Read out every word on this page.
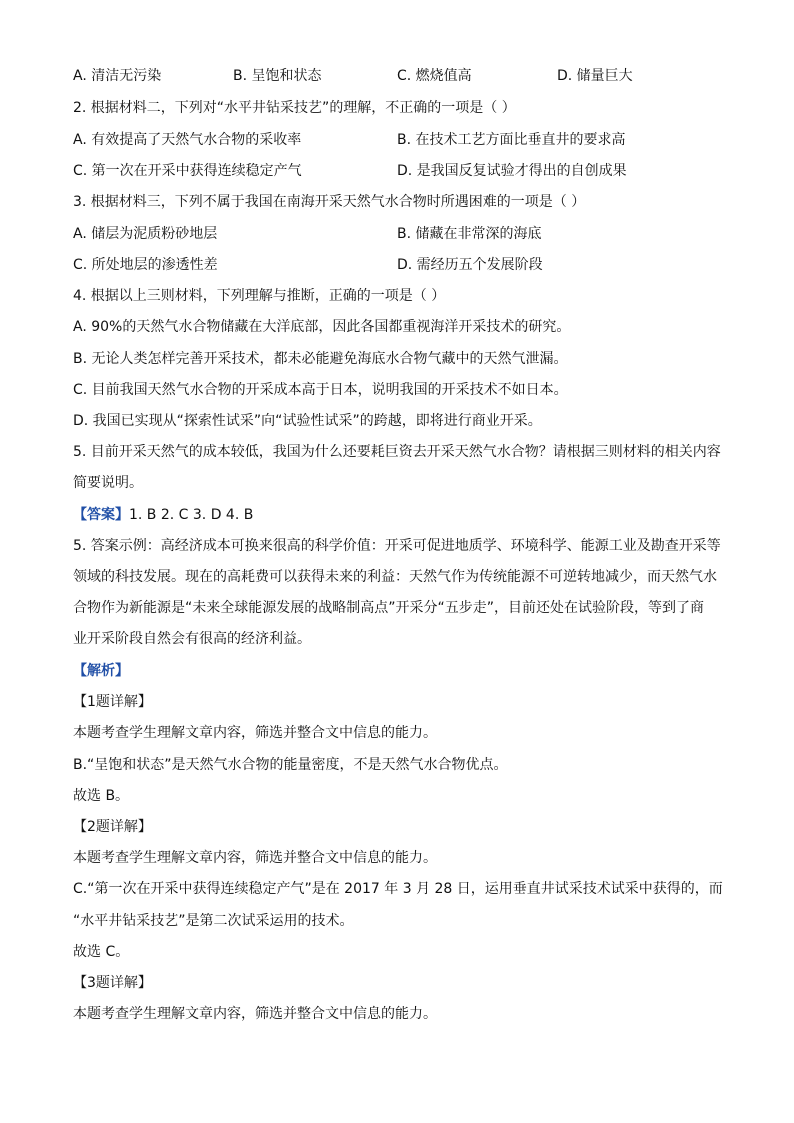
A. 清洁无污染	B. 呈饱和状态	C. 燃烧值高	D. 储量巨大
2. 根据材料二，下列对“水平井钻采技艺”的理解，不正确的一项是（ ）
A. 有效提高了天然气水合物的采收率	B. 在技术工艺方面比垂直井的要求高
C. 第一次在开采中获得连续稳定产气	D. 是我国反复试验才得出的自创成果
3. 根据材料三，下列不属于我国在南海开采天然气水合物时所遇困难的一项是（ ）
A. 储层为泥质粉砂地层	B. 储藏在非常深的海底
C. 所处地层的渗透性差	D. 需经历五个发展阶段
4. 根据以上三则材料，下列理解与推断，正确的一项是（ ）
A. 90%的天然气水合物储藏在大洋底部，因此各国都重视海洋开采技术的研究。
B. 无论人类怎样完善开采技术，都未必能避免海底水合物气藏中的天然气泄漏。
C. 目前我国天然气水合物的开采成本高于日本，说明我国的开采技术不如日本。
D. 我国已实现从“探索性试采”向“试验性试采”的跨越，即将进行商业开采。
5. 目前开采天然气的成本较低，我国为什么还要耗巨资去开采天然气水合物？请根据三则材料的相关内容
简要说明。
【答案】1. B 2. C 3. D 4. B
5. 答案示例：高经济成本可换来很高的科学价值：开采可促进地质学、环境科学、能源工业及勘查开采等
领域的科技发展。现在的高耗费可以获得未来的利益：天然气作为传统能源不可逆转地减少，而天然气水
合物作为新能源是“未来全球能源发展的战略制高点”开采分“五步走”，目前还处在试验阶段，等到了商
业开采阶段自然会有很高的经济利益。
【解析】
【1题详解】
本题考查学生理解文章内容，筛选并整合文中信息的能力。
B.“呈饱和状态”是天然气水合物的能量密度，不是天然气水合物优点。
故选 B。
【2题详解】
本题考查学生理解文章内容，筛选并整合文中信息的能力。
C.“第一次在开采中获得连续稳定产气”是在 2017 年 3 月 28 日，运用垂直井试采技术试采中获得的，而
“水平井钻采技艺”是第二次试采运用的技术。
故选 C。
【3题详解】
本题考查学生理解文章内容，筛选并整合文中信息的能力。
